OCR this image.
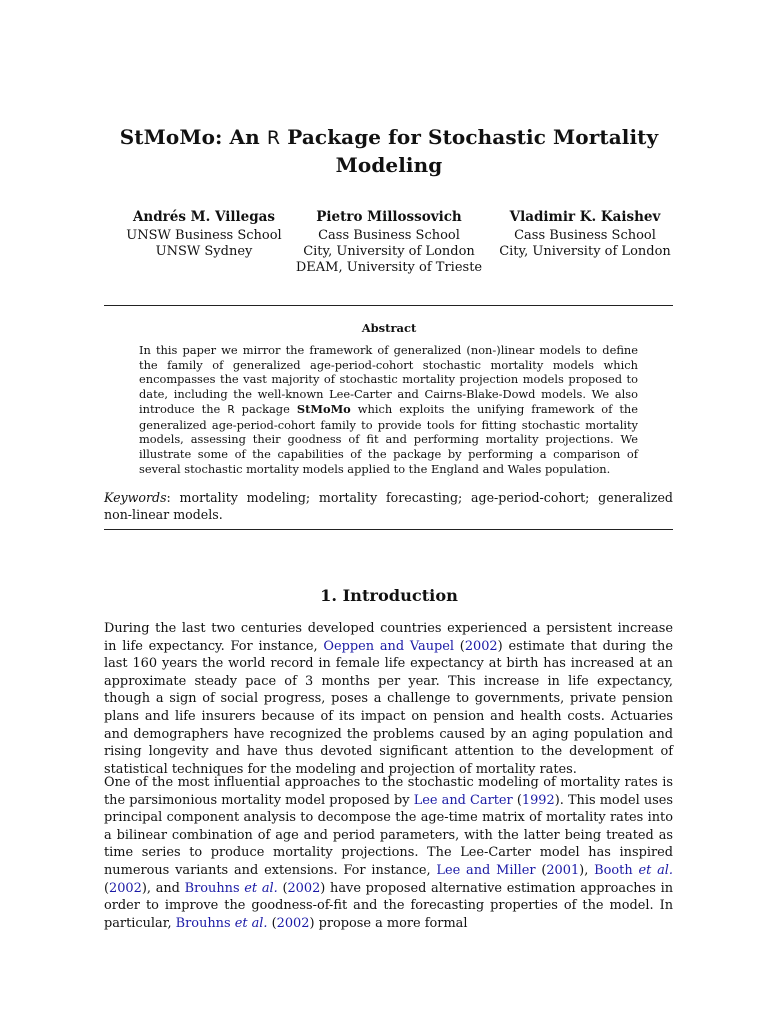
StMoMo: An R Package for Stochastic Mortality Modeling
Andrés M. Villegas
UNSW Business School
UNSW Sydney
Pietro Millossovich
Cass Business School
City, University of London
DEAM, University of Trieste
Vladimir K. Kaishev
Cass Business School
City, University of London
Abstract
In this paper we mirror the framework of generalized (non-)linear models to define the family of generalized age-period-cohort stochastic mortality models which encompasses the vast majority of stochastic mortality projection models proposed to date, including the well-known Lee-Carter and Cairns-Blake-Dowd models. We also introduce the R package StMoMo which exploits the unifying framework of the generalized age-period-cohort family to provide tools for fitting stochastic mortality models, assessing their goodness of fit and performing mortality projections. We illustrate some of the capabilities of the package by performing a comparison of several stochastic mortality models applied to the England and Wales population.
Keywords: mortality modeling; mortality forecasting; age-period-cohort; generalized non-linear models.
1. Introduction
During the last two centuries developed countries experienced a persistent increase in life expectancy. For instance, Oeppen and Vaupel (2002) estimate that during the last 160 years the world record in female life expectancy at birth has increased at an approximate steady pace of 3 months per year. This increase in life expectancy, though a sign of social progress, poses a challenge to governments, private pension plans and life insurers because of its impact on pension and health costs. Actuaries and demographers have recognized the problems caused by an aging population and rising longevity and have thus devoted significant attention to the development of statistical techniques for the modeling and projection of mortality rates.
One of the most influential approaches to the stochastic modeling of mortality rates is the parsimonious mortality model proposed by Lee and Carter (1992). This model uses principal component analysis to decompose the age-time matrix of mortality rates into a bilinear combination of age and period parameters, with the latter being treated as time series to produce mortality projections. The Lee-Carter model has inspired numerous variants and extensions. For instance, Lee and Miller (2001), Booth et al. (2002), and Brouhns et al. (2002) have proposed alternative estimation approaches in order to improve the goodness-of-fit and the forecasting properties of the model. In particular, Brouhns et al. (2002) propose a more formal
